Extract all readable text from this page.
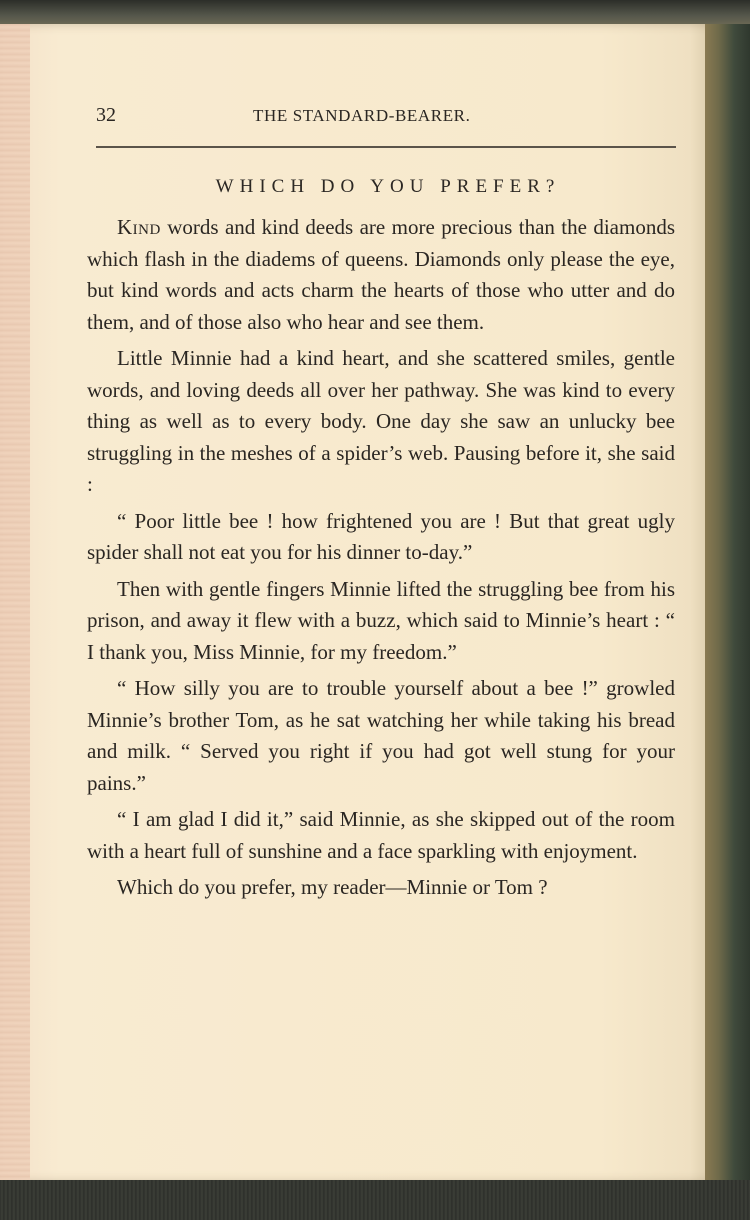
32	THE STANDARD-BEARER.
WHICH DO YOU PREFER?

Kind words and kind deeds are more precious than the diamonds which flash in the diadems of queens. Diamonds only please the eye, but kind words and acts charm the hearts of those who utter and do them, and of those also who hear and see them.

Little Minnie had a kind heart, and she scattered smiles, gentle words, and loving deeds all over her pathway. She was kind to every thing as well as to every body. One day she saw an unlucky bee struggling in the meshes of a spider’s web. Pausing before it, she said :

“ Poor little bee ! how frightened you are ! But that great ugly spider shall not eat you for his dinner to-day.”

Then with gentle fingers Minnie lifted the struggling bee from his prison, and away it flew with a buzz, which said to Minnie’s heart : “ I thank you, Miss Minnie, for my freedom.”

“ How silly you are to trouble yourself about a bee !” growled Minnie’s brother Tom, as he sat watching her while taking his bread and milk. “ Served you right if you had got well stung for your pains.”

“ I am glad I did it,” said Minnie, as she skipped out of the room with a heart full of sunshine and a face sparkling with enjoyment.

Which do you prefer, my reader—Minnie or Tom ?
